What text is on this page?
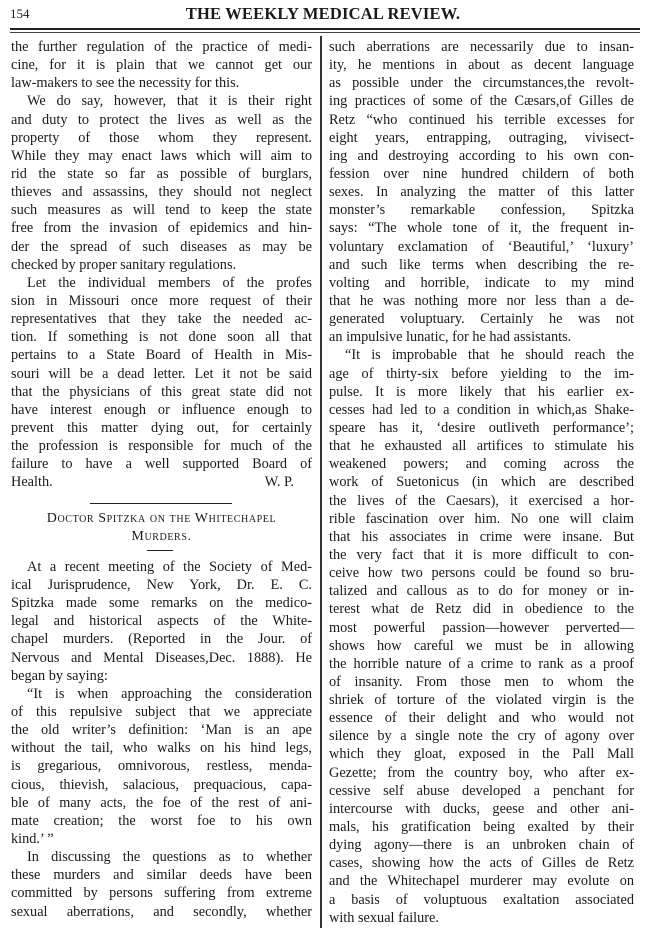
154	THE WEEKLY MEDICAL REVIEW.
the further regulation of the practice of medi-
cine, for it is plain that we cannot get our
law-makers to see the necessity for this.
We do say, however, that it is their right
and duty to protect the lives as well as the
property of those whom they represent.
While they may enact laws which will aim to
rid the state so far as possible of burglars,
thieves and assassins, they should not neglect
such measures as will tend to keep the state
free from the invasion of epidemics and hin-
der the spread of such diseases as may be
checked by proper sanitary regulations.
Let the individual members of the profes
sion in Missouri once more request of their
representatives that they take the needed ac-
tion. If something is not done soon all that
pertains to a State Board of Health in Mis-
souri will be a dead letter. Let it not be said
that the physicians of this great state did not
have interest enough or influence enough to
prevent this matter dying out, for certainly
the profession is responsible for much of the
failure to have a well supported Board of
Health.	W. P.
Doctor Spitzka on the Whitechapel
Murders.
At a recent meeting of the Society of Med-
ical Jurisprudence, New York, Dr. E. C.
Spitzka made some remarks on the medico-
legal and historical aspects of the White-
chapel murders. (Reported in the Jour. of
Nervous and Mental Diseases,Dec. 1888). He
began by saying:
“It is when approaching the consideration
of this repulsive subject that we appreciate
the old writer’s definition: ‘Man is an ape
without the tail, who walks on his hind legs,
is gregarious, omnivorous, restless, menda-
cious, thievish, salacious, prequacious, capa-
ble of many acts, the foe of the rest of ani-
mate creation; the worst foe to his own
kind.’ ”
In discussing the questions as to whether
these murders and similar deeds have been
committed by persons suffering from extreme
sexual aberrations, and secondly, whether
such aberrations are necessarily due to insan-
ity, he mentions in about as decent language
as possible under the circumstances,the revolt-
ing practices of some of the Cæsars,of Gilles de
Retz “who continued his terrible excesses for
eight years, entrapping, outraging, vivisect-
ing and destroying according to his own con-
fession over nine hundred childern of both
sexes. In analyzing the matter of this latter
monster’s remarkable confession, Spitzka
says: “The whole tone of it, the frequent in-
voluntary exclamation of ‘Beautiful,’ ‘luxury’
and such like terms when describing the re-
volting and horrible, indicate to my mind
that he was nothing more nor less than a de-
generated voluptuary. Certainly he was not
an impulsive lunatic, for he had assistants.
“It is improbable that he should reach the
age of thirty-six before yielding to the im-
pulse. It is more likely that his earlier ex-
cesses had led to a condition in which,as Shake-
speare has it, ‘desire outliveth performance’;
that he exhausted all artifices to stimulate his
weakened powers; and coming across the
work of Suetonicus (in which are described
the lives of the Caesars), it exercised a hor-
rible fascination over him. No one will claim
that his associates in crime were insane. But
the very fact that it is more difficult to con-
ceive how two persons could be found so bru-
talized and callous as to do for money or in-
terest what de Retz did in obedience to the
most powerful passion—however perverted—
shows how careful we must be in allowing
the horrible nature of a crime to rank as a proof
of insanity. From those men to whom the
shriek of torture of the violated virgin is the
essence of their delight and who would not
silence by a single note the cry of agony over
which they gloat, exposed in the Pall Mall
Gezette; from the country boy, who after ex-
cessive self abuse developed a penchant for
intercourse with ducks, geese and other ani-
mals, his gratification being exalted by their
dying agony—there is an unbroken chain of
cases, showing how the acts of Gilles de Retz
and the Whitechapel murderer may evolute on
a basis of voluptuous exaltation associated
with sexual failure.
